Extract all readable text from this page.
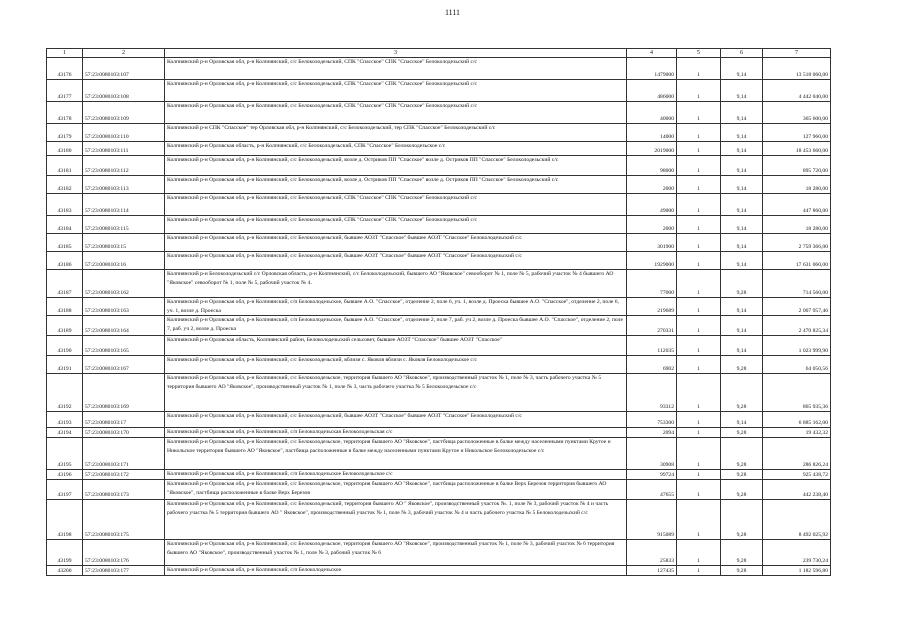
1111
1	2	3	4	5	6	7
43176	57:23:0080103:107	Колпнянский р-н Орловская обл, р-н Колпнянский, с/с Белоколодезьский, СПК "Спасское" СПК "Спасское" Белоколодезьский с/с	1479000	1	9,14	13 518 060,00
43177	57:23:0080103:108	Колпнянский р-н Орловская обл, р-н Колпнянский, с/с Белоколодезьский, СПК "Спасское" СПК "Спасское" Белоколодезьский с/с	486000	1	9,14	4 442 040,00
43178	57:23:0080103:109	Колпнянский р-н Орловская обл, р-н Колпнянский, с/с Белоколодезьский, СПК "Спасское" СПК "Спасское" Белоколодезьский с/с	40000	1	9,14	365 600,00
43179	57:23:0080103:110	Колпнянский р-н СПК "Спасское" тер Орловская обл, р-н Колпнянский, с/с Белоколодезьский, тер СПК "Спасское" Белоколодезьский с/с	14000	1	9,14	127 960,00
43180	57:23:0080103:111	Колпнянский р-н Орловская область, р-н Колпнянский, с/с Белоколодезьский, СПК "Спасское" Белоколодезьское с/с	2019000	1	9,14	18 453 660,00
43181	57:23:0080103:112	Колпнянский р-н Орловская обл, р-н Колпнянский, с/с Белоколодезьский, возле д. Остриков ПП "Спасское" возле д. Остриков ПП "Спасское" Белоколодезьский с/с	98000	1	9,14	895 720,00
43182	57:23:0080103:113	Колпнянский р-н Орловская обл, р-н Колпнянский, с/с Белоколодезьский, возле д. Остриков ПП "Спасское" возле д. Остриков ПП "Спасское" Белоколодезьский с/с	2000	1	9,14	18 280,00
43183	57:23:0080103:114	Колпнянский р-н Орловская обл, р-н Колпнянский, с/с Белоколодезьский, СПК "Спасское" СПК "Спасское" Белоколодезьский с/с	49000	1	9,14	447 860,00
43184	57:23:0080103:115	Колпнянский р-н Орловская обл, р-н Колпнянский, с/с Белоколодезьский, СПК "Спасское" СПК "Спасское" Белоколодезьский с/с	2000	1	9,14	18 280,00
43185	57:23:0080103:15	Колпнянский р-н Орловская обл, р-н Колпнянский, с/с Белоколодезьский, бывшее АОЗТ "Спасское" бывшее АОЗТ "Спасское" Белоколодезьский с/с	301900	1	9,14	2 759 366,00
43186	57:23:0080103:16	Колпнянский р-н Орловская обл, р-н Колпнянский, с/с Белоколодезьский, бывшее АОЗТ "Спасское" бывшее АОЗТ "Спасское" Белоколодезьский с/с	1929000	1	9,14	17 631 060,00
43187	57:23:0080103:162	Колпнянский р-н Белоколодезьский с/с Орловская область, р-н Колпнянский, с/с Белоколодезьский, бывшего АО "Яковское" севооборот № 1, поле № 5, рабочий участок № 4 бывшего АО "Яковское" севооборот № 1, поле № 5, рабочий участок № 4.	77000	1	9,28	714 560,00
43188	57:23:0080103:163	Колпнянский р-н Орловская обл, р-н Колпнянский, с/п Белоколодезьское, бывшее А.О. "Спасское", отделение 2, поле 6, уч. 1, возле д. Проеска бывшее А.О. "Спасское", отделение 2, поле 6, уч. 1, возле д. Проеска	219689	1	9,14	2 007 957,46
43189	57:23:0080103:164	Колпнянский р-н Орловская обл, р-н Колпнянский, с/п Белоколодезьское, бывшее А.О. "Спасское", отделение 2, поле 7, раб. уч 2, возле д. Проеска бывшее А.О. "Спасское", отделение 2, поле 7, раб. уч 2, возле д. Проеска	270331	1	9,14	2 470 825,34
43190	57:23:0080103:165	Колпнянский р-н Орловская область, Колпнянский район, Белоколодезьский сельсовет, бывшее АОЗТ "Спасское" бывшее АОЗТ "Спасское"	112035	1	9,14	1 023 999,90
43191	57:23:0080103:167	Колпнянский р-н Орловская обл, р-н Колпнянский, с/с Белоколодезьский, вблизи с. Яковля вблизи с. Яковля Белоколодезьское с/с	6902	1	9,28	64 050,56
43192	57:23:0080103:169	Колпнянский р-н Орловская обл, р-н Колпнянский, с/с Белоколодезьское, территория бывшего АО "Яковское", производственный участок № 1, поле № 3, часть рабочего участка № 5 территория бывшего АО "Яковское", производственный участок № 1, поле № 3, часть рабочего участка № 5 Белоколодезьское с/с	93312	1	9,28	865 935,36
43193	57:23:0080103:17	Колпнянский р-н Орловская обл, р-н Колпнянский, с/с Белоколодезьский, бывшее АОЗТ "Спасское" бывшее АОЗТ "Спасское" Белоколодезьский с/с	753300	1	9,14	6 885 162,00
43194	57:23:0080103:170	Колпнянский р-н Орловская обл, р-н Колпнянский, с/п Белоколодезьская Белоколодезьская с/с	2094	1	9,28	19 432,32
43195	57:23:0080103:171	Колпнянский р-н Орловская обл, р-н Колпнянский, с/с Белоколодезьское, территория бывшего АО "Яковское", пастбища расположенные в балке между населенными пунктами Крутое и Никольское территория бывшего АО "Яковское", пастбища расположенные в балке между населенными пунктами Крутое и Никольское Белоколодезьское с/с	30908	1	9,28	286 826,24
43196	57:23:0080103:172	Колпнянский р-н Орловская обл, р-н Колпнянский, с/п Белоколодезьское Белоколодезьское с/с	99724	1	9,28	925 438,72
43197	57:23:0080103:173	Колпнянский р-н Орловская обл, р-н Колпнянский, с/с Белоколодезьское, территория бывшего АО "Яковское", пастбища расположенные в балке Верх Березов территория бывшего АО "Яковское", пастбища расположенные в балке Верх Березов	47655	1	9,28	442 238,40
43198	57:23:0080103:175	Колпнянский р-н Орловская обл, р-н Колпнянский, с/с Белоколодезьский, территория бывшего АО " Яковское", производственный участок №. 1, поле № 3, рабочий участок № 4 и часть рабочего участка № 5 территория бывшего АО " Яковское", производственный участок № 1, поле № 3, рабочий участок № 4 и часть рабочего участка № 5 Белоколодезьский с/с	915089	1	9,28	8 492 025,92
43199	57:23:0080103:176	Колпнянский р-н Орловская обл, р-н Колпнянский, с/с Белоколодезьское, территория бывшего АО "Яковское", производственный участок № 1, поле № 3, рабочий участок № 6 территория бывшего АО "Яковское", производственный участок № 1, поле № 3, рабочий участок № 6	25833	1	9,28	239 730,24
43200	57:23:0080103:177	Колпнянский р-н Орловская обл, р-н Колпнянский, с/п Белоколодезьское	127435	1	9,28	1 182 596,80
